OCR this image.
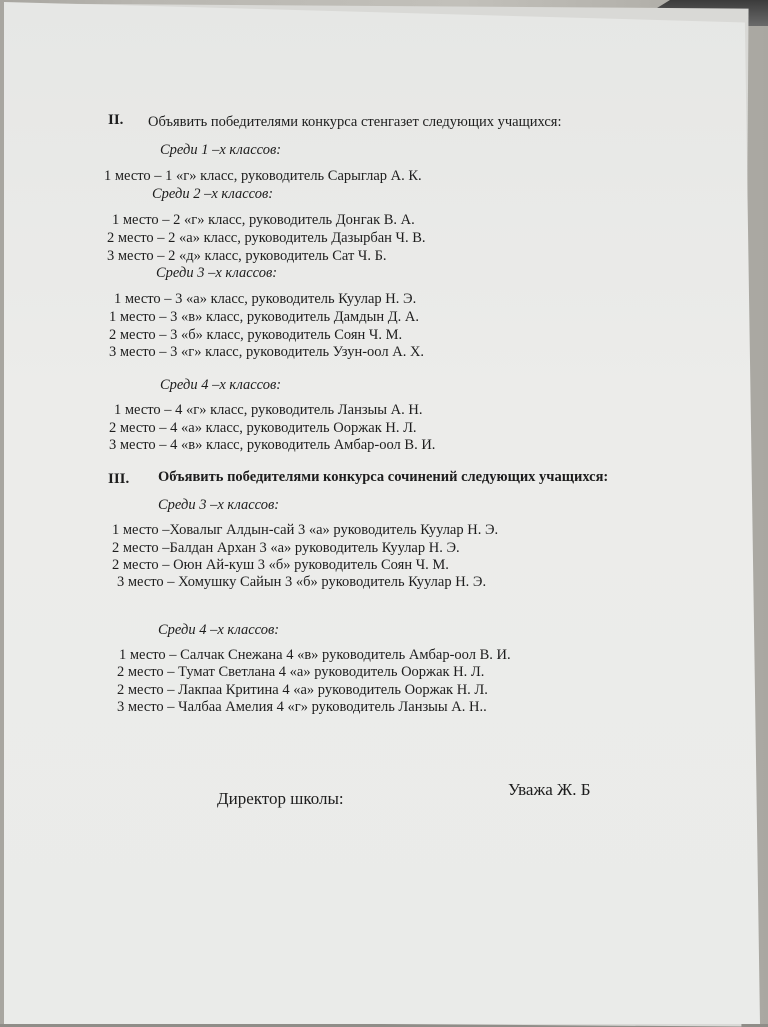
II. Объявить победителями конкурса стенгазет следующих учащихся:
Среди 1 –х классов:
1 место – 1 «г» класс, руководитель Сарыглар А. К.
Среди 2 –х классов:
1 место – 2 «г» класс, руководитель Донгак В. А.
2 место – 2 «а» класс, руководитель Дазырбан Ч. В.
3 место – 2 «д» класс, руководитель Сат Ч. Б.
Среди 3 –х классов:
1 место – 3 «а» класс, руководитель Куулар Н. Э.
1 место – 3 «в» класс, руководитель Дамдын Д. А.
2 место – 3 «б» класс, руководитель Соян Ч. М.
3 место – 3 «г» класс, руководитель Узун-оол А. Х.
Среди 4 –х классов:
1 место – 4 «г» класс, руководитель Ланзыы А. Н.
2 место – 4 «а» класс, руководитель Ооржак Н. Л.
3 место – 4 «в» класс, руководитель Амбар-оол В. И.
III. Объявить победителями конкурса сочинений следующих учащихся:
Среди 3 –х классов:
1 место –Ховалыг Алдын-сай 3 «а» руководитель Куулар Н. Э.
2 место –Балдан Архан 3 «а» руководитель Куулар Н. Э.
2 место – Оюн Ай-куш 3 «б» руководитель Соян Ч. М.
3 место – Хомушку Сайын 3 «б» руководитель Куулар Н. Э.
Среди 4 –х классов:
1 место – Салчак Снежана 4 «в» руководитель Амбар-оол В. И.
2 место – Тумат Светлана 4 «а» руководитель Ооржак Н. Л.
2 место – Лакпаа Критина 4 «а» руководитель Ооржак Н. Л.
3 место – Чалбаа Амелия 4 «г» руководитель Ланзыы А. Н..
Директор школы:	Уважа Ж. Б
